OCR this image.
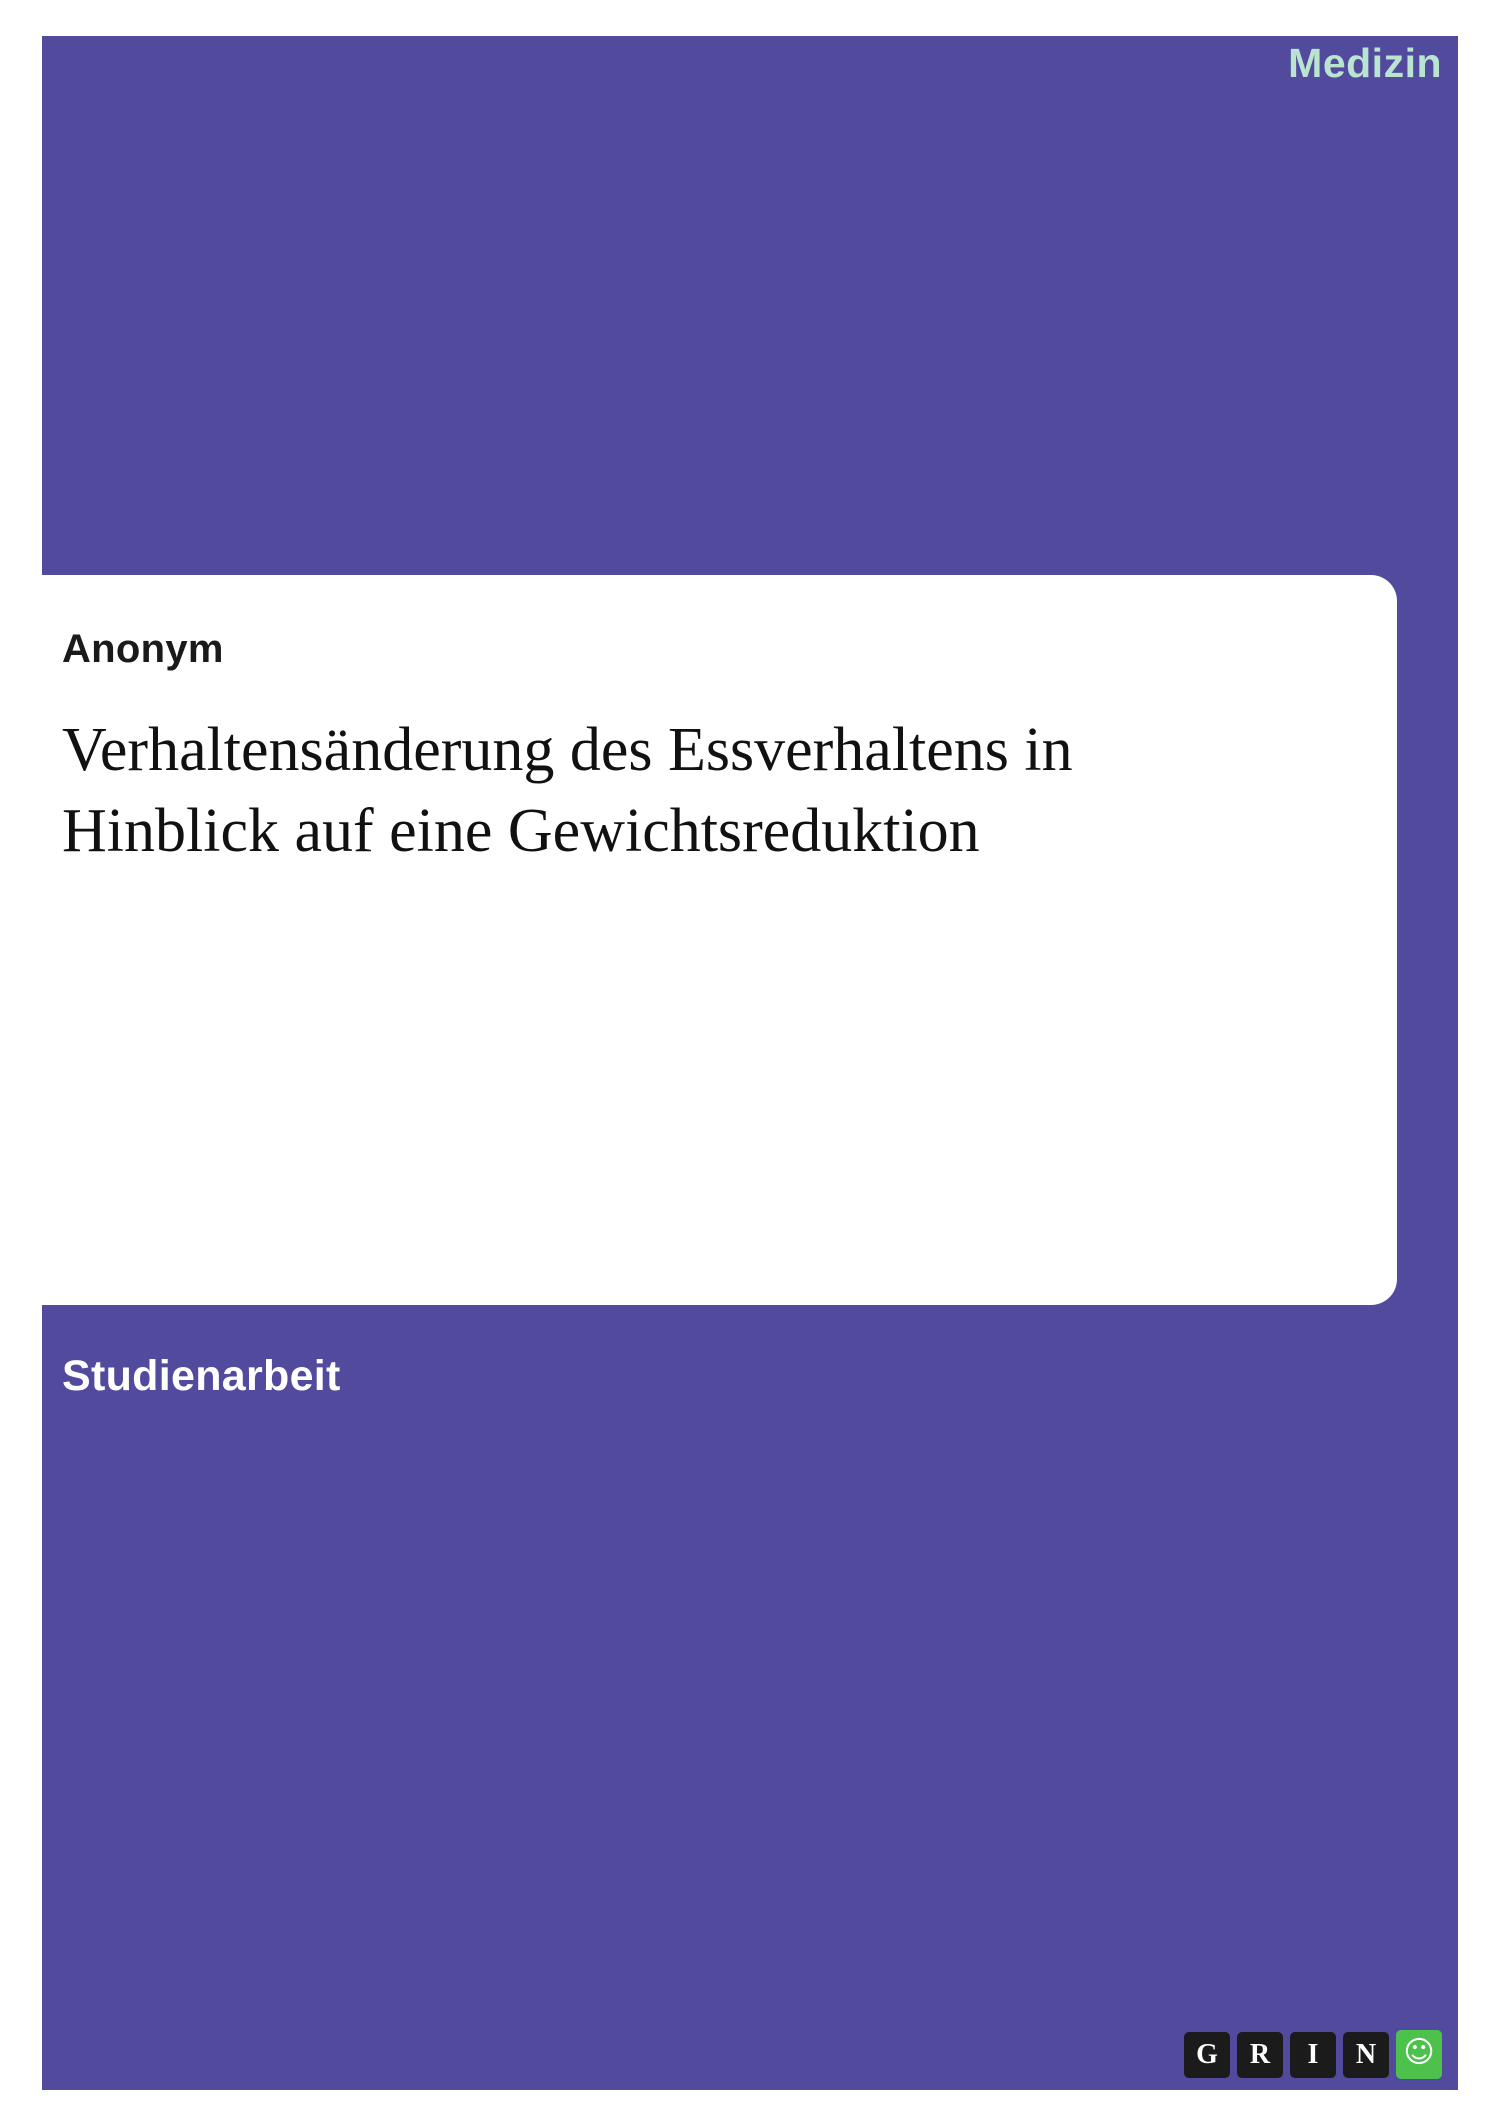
Medizin
Anonym
Verhaltensänderung des Essverhaltens in Hinblick auf eine Gewichtsreduktion
Studienarbeit
G	R	I	N ☺
